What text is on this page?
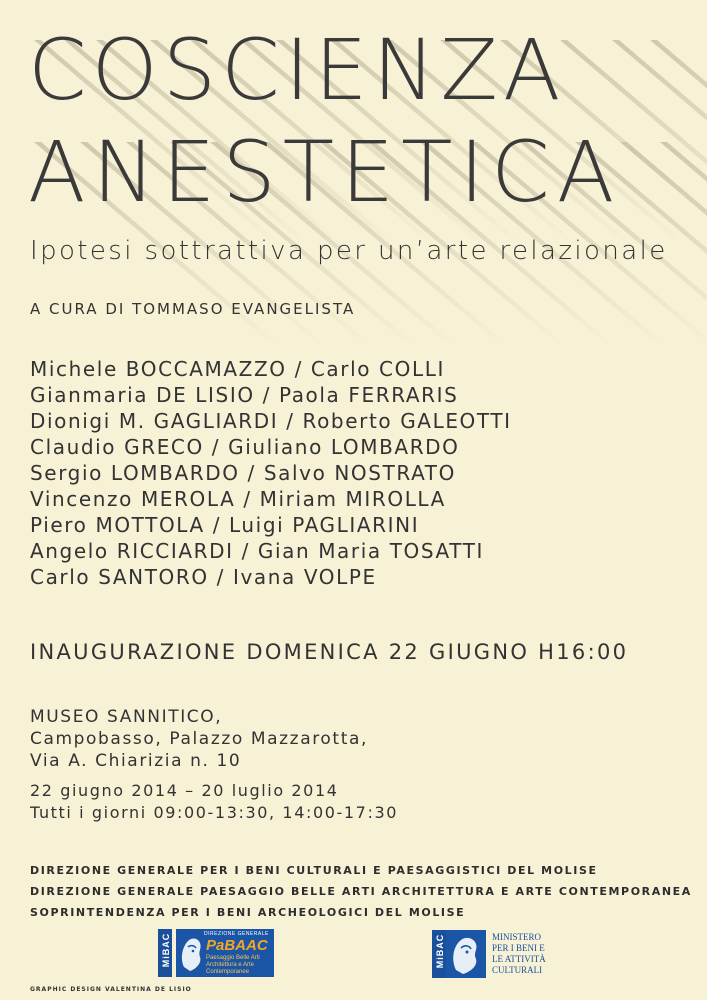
COSCIENZA
ANESTETICA

Ipotesi sottrattiva per un’arte relazionale

A CURA DI TOMMASO EVANGELISTA

Michele BOCCAMAZZO / Carlo COLLI
Gianmaria DE LISIO / Paola FERRARIS
Dionigi M. GAGLIARDI / Roberto GALEOTTI
Claudio GRECO / Giuliano LOMBARDO
Sergio LOMBARDO / Salvo NOSTRATO
Vincenzo MEROLA / Miriam MIROLLA
Piero MOTTOLA / Luigi PAGLIARINI
Angelo RICCIARDI / Gian Maria TOSATTI
Carlo SANTORO / Ivana VOLPE

INAUGURAZIONE DOMENICA 22 GIUGNO H16:00

MUSEO SANNITICO,
Campobasso, Palazzo Mazzarotta,
Via A. Chiarizia n. 10
22 giugno 2014 – 20 luglio 2014
Tutti i giorni 09:00-13:30, 14:00-17:30
DIREZIONE GENERALE PER I BENI CULTURALI E PAESAGGISTICI DEL MOLISE
DIREZIONE GENERALE PAESAGGIO BELLE ARTI ARCHITETTURA E ARTE CONTEMPORANEA
SOPRINTENDENZA PER I BENI ARCHEOLOGICI DEL MOLISE
MiBAC	DIREZIONE GENERALE
PaBAAC
Paesaggio Belle Arti
Architettura e Arte
Contemporanee
MiBAC	MINISTERO
PER I BENI E
LE ATTIVITÀ
CULTURALI

GRAPHIC DESIGN VALENTINA DE LISIO
